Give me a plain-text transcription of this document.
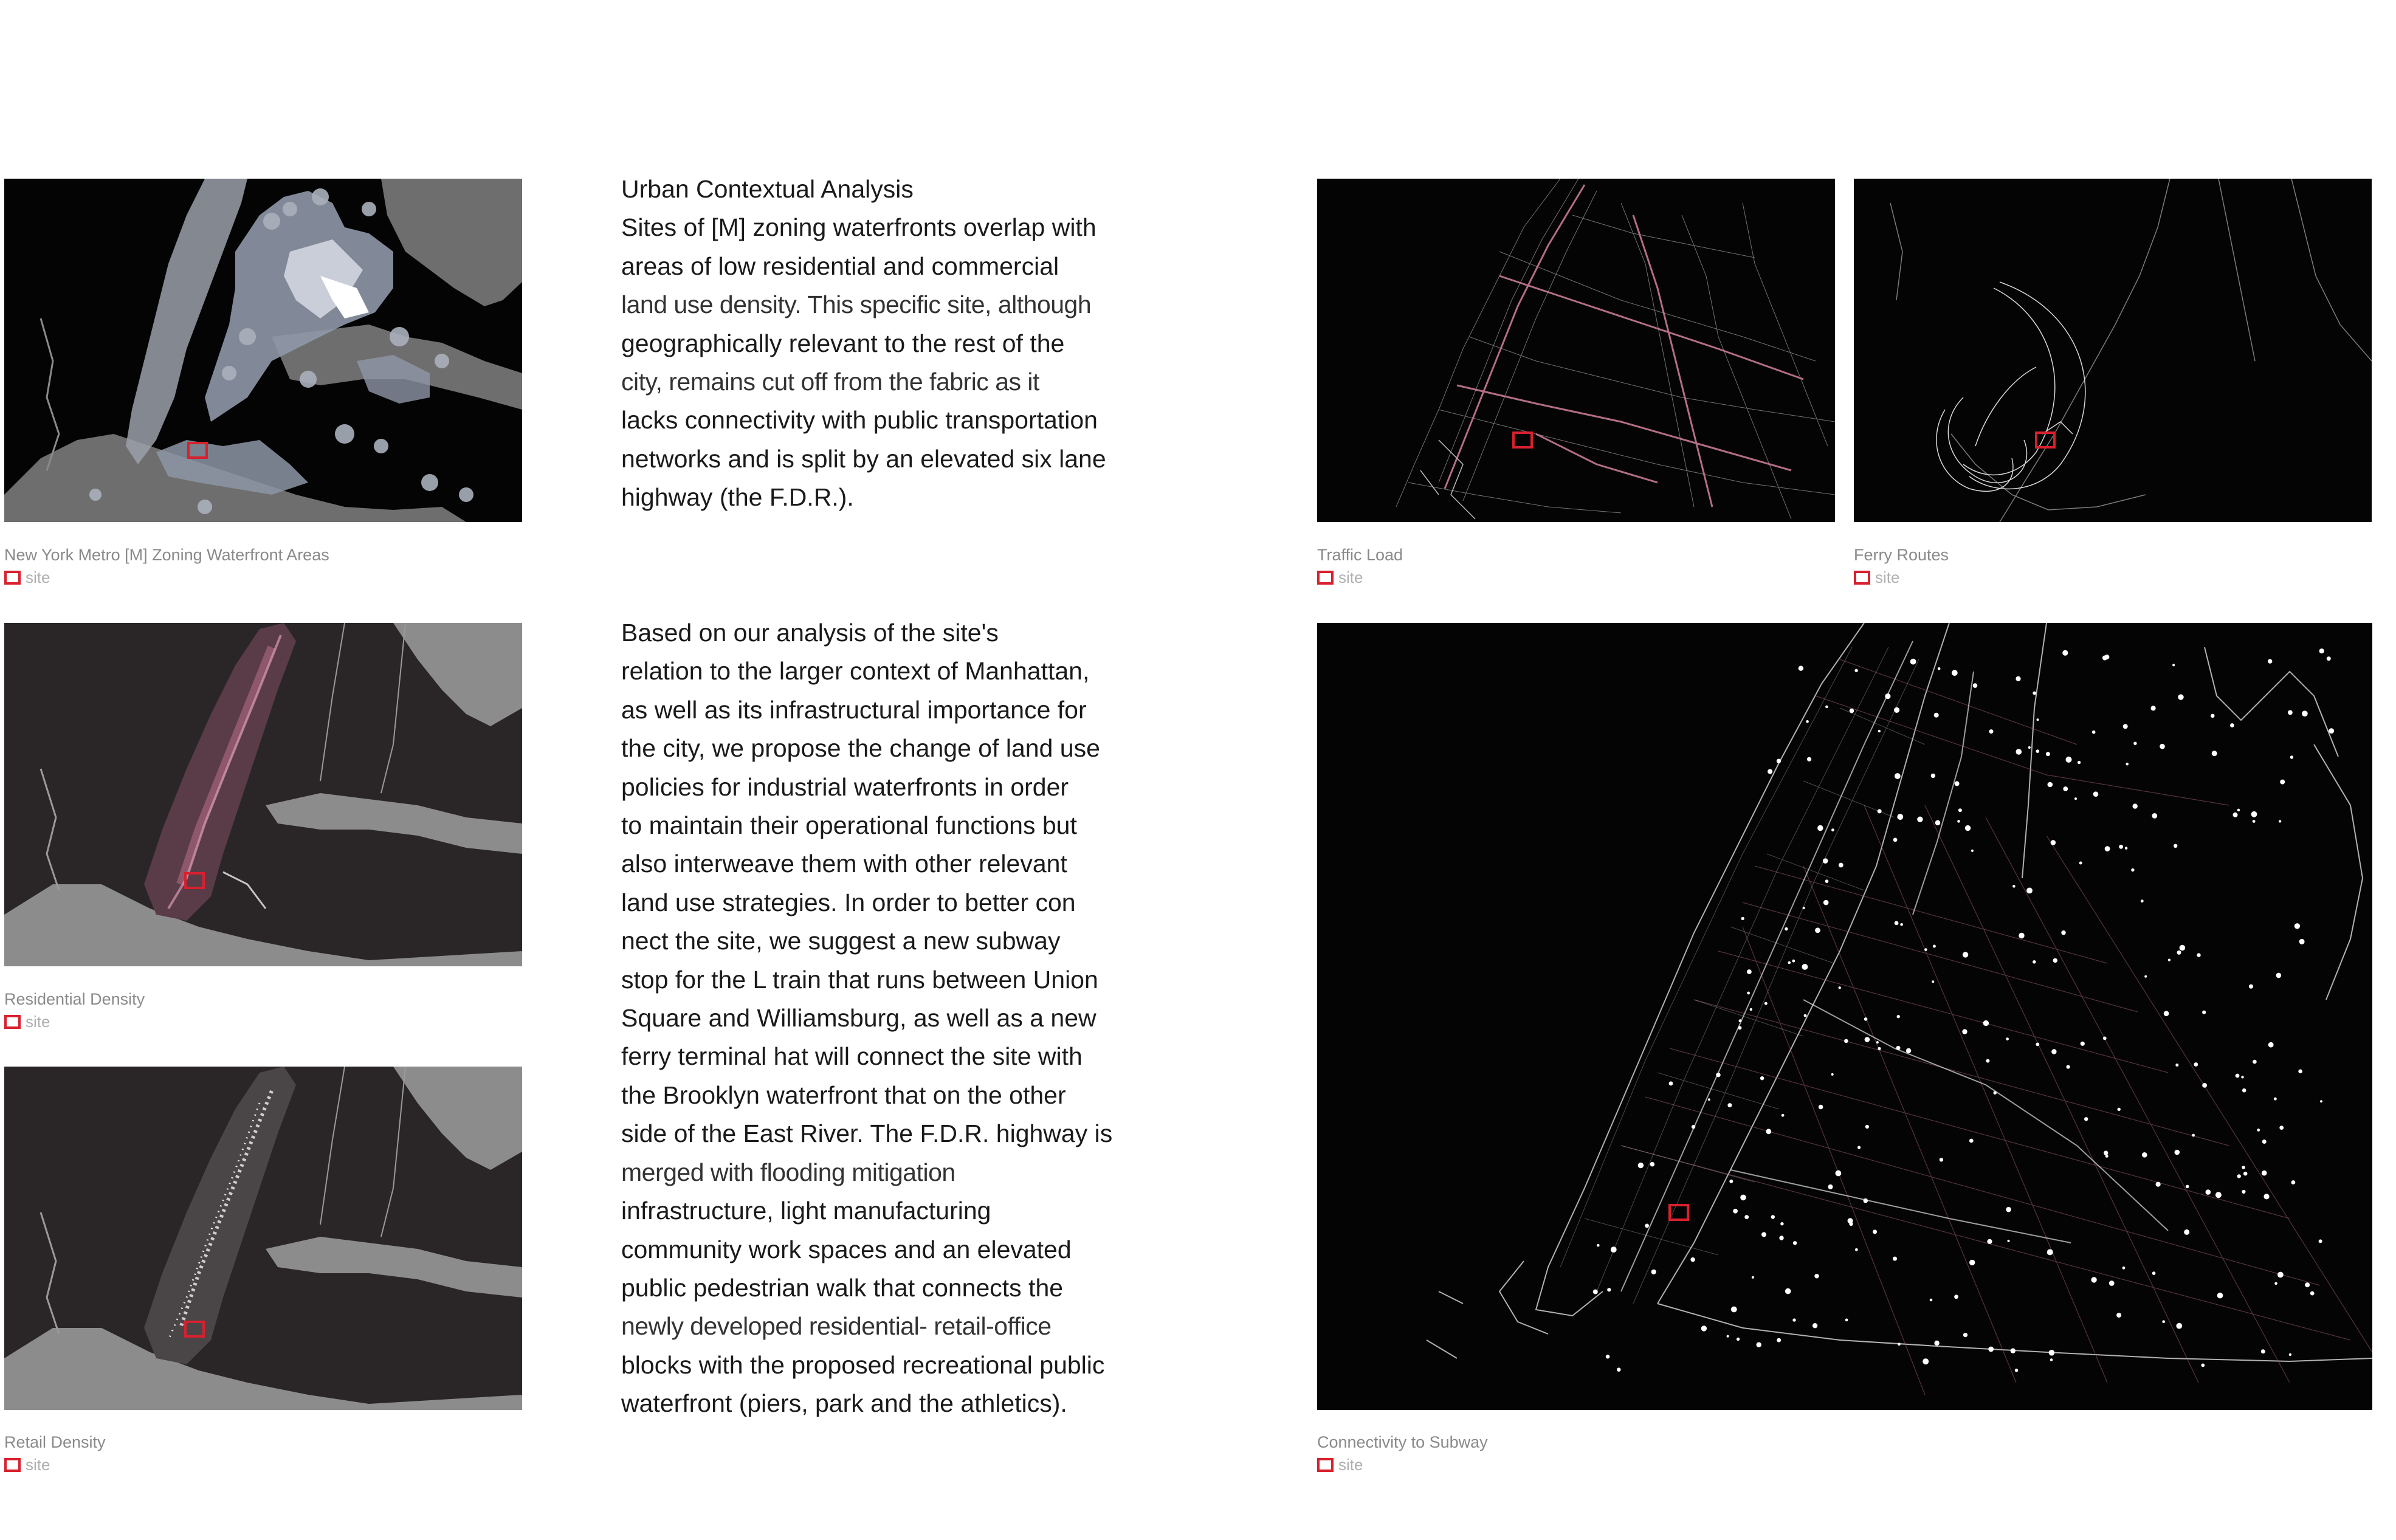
New York Metro [M] Zoning Waterfront Areas
site
Residential Density
site
Retail Density
site
Urban Contextual Analysis
Sites of [M] zoning waterfronts overlap with
areas of low residential and commercial
land use density. This specific site, although
geographically relevant to the rest of the
city, remains cut off from the fabric as it
lacks connectivity with public transportation
networks and is split by an elevated six lane
highway (the F.D.R.).
Based on our analysis of the site's
relation to the larger context of Manhattan,
as well as its infrastructural importance for
the city, we propose the change of land use
policies for industrial waterfronts in order
to maintain their operational functions but
also interweave them with other relevant
land use strategies. In order to better con
nect the site, we suggest a new subway
stop for the L train that runs between Union
Square and Williamsburg, as well as a new
ferry terminal hat will connect the site with
the Brooklyn waterfront that on the other
side of the East River. The F.D.R. highway is
merged with flooding mitigation
infrastructure, light manufacturing
community work spaces and an elevated
public pedestrian walk that connects the
newly developed residential- retail-office
blocks with the proposed recreational public
waterfront (piers, park and the athletics).
Traffic Load
site
Ferry Routes
site
Connectivity to Subway
site
